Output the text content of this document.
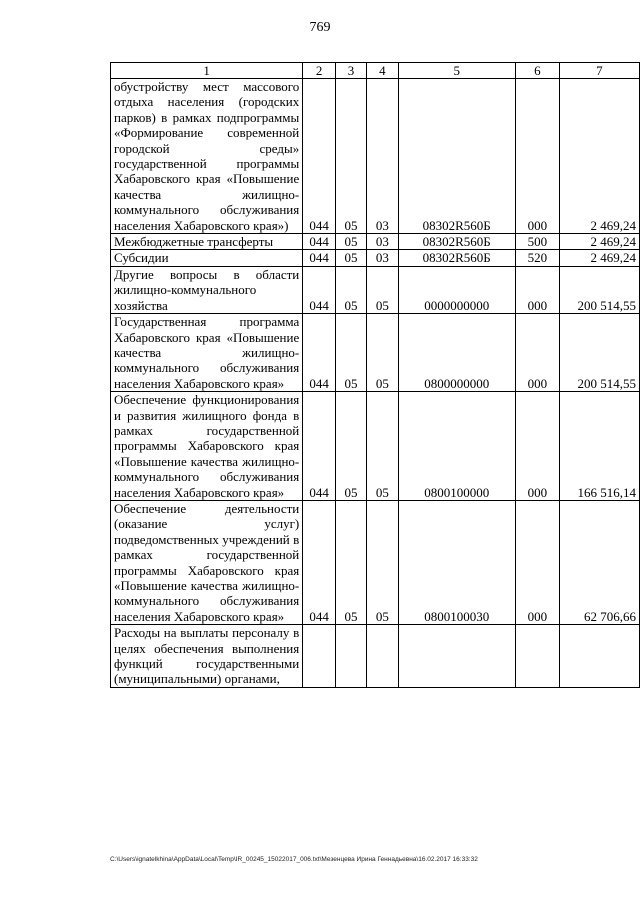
769
1	2	3	4	5	6	7
обустройству мест массового отдыха населения (городских парков) в рамках подпрограммы «Формирование современной городской среды» государственной программы Хабаровского края «Повышение качества жилищно-коммунального обслуживания населения Хабаровского края»)	044	05	03	08302R560Б	000	2 469,24
Межбюджетные трансферты	044	05	03	08302R560Б	500	2 469,24
Субсидии	044	05	03	08302R560Б	520	2 469,24
Другие вопросы в области жилищно-коммунального хозяйства	044	05	05	0000000000	000	200 514,55
Государственная программа Хабаровского края «Повышение качества жилищно-коммунального обслуживания населения Хабаровского края»	044	05	05	0800000000	000	200 514,55
Обеспечение функционирования и развития жилищного фонда в рамках государственной программы Хабаровского края «Повышение качества жилищно-коммунального обслуживания населения Хабаровского края»	044	05	05	0800100000	000	166 516,14
Обеспечение деятельности (оказание услуг) подведомственных учреждений в рамках государственной программы Хабаровского края «Повышение качества жилищно-коммунального обслуживания населения Хабаровского края»	044	05	05	0800100030	000	62 706,66
Расходы на выплаты персоналу в целях обеспечения выполнения функций государственными (муниципальными) органами,						
C:\Users\ignatelkhina\AppData\Local\Temp\IR_00245_15022017_006.txt\Мезенцева Ирина Геннадьевна\16.02.2017 16:33:32
